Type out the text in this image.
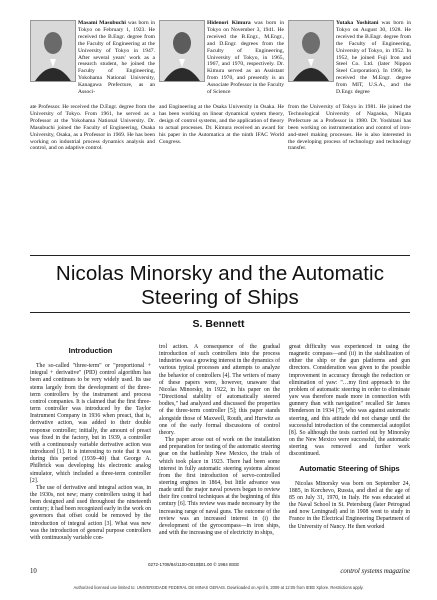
Masami Masubuchi was born in Tokyo on February 1, 1923. He received the B.Engr. degree from the Faculty of Engineering at the University of Tokyo in 1947. After several years' work as a research student, he joined the Faculty of Engineering, Yokohama National University, Kanagawa Prefecture, as an Associ-

ate Professor. He received the D.Engr. degree from the University of Tokyo. From 1961, he served as a Professor at the Yokohama National University. Dr. Masubuchi joined the Faculty of Engineering, Osaka University, Osaka, as a Professor in 1969. He has been working on industrial process dynamics analysis and control, and on adaptive control.

Hidenori Kimura was born in Tokyo on November 3, 1941. He received the B.Engr., M.Engr., and D.Engr. degrees from the Faculty of Engineering, University of Tokyo, in 1965, 1967, and 1970, respectively. Dr. Kimura served as an Assistant from 1970, and presently is an Associate Professor in the Faculty of Science

and Engineering at the Osaka University in Osaka. He has been working on linear dynamical system theory, design of control systems, and the application of theory to actual processes. Dr. Kimura received an award for his paper in the Automatica at the ninth IFAC World Congress.

Yutaka Yoshitani was born in Tokyo on August 30, 1928. He received the B.Engr. degree from the Faculty of Engineering, University of Tokyo, in 1952. In 1952, he joined Fuji Iron and Steel Co. Ltd. (later Nippon Steel Corporation). In 1960, he received the M.Engr. degree from MIT, U.S.A., and the D.Engr. degree

from the University of Tokyo in 1981. He joined the Technological University of Nagaoka, Niigata Prefecture as a Professor in 1980. Dr. Yoshitani has been working on instrumentation and control of iron-and-steel making processes. He is also interested in the developing process of technology and technology transfer.

Nicolas Minorsky and the Automatic Steering of Ships
S. Bennett
Introduction

The so-called "three-term" or "proportional + integral + derivative" (PID) control algorithm has been and continues to be very widely used. Its use stems largely from the development of the three-term controllers by the instrument and process control companies. It is claimed that the first three-term controller was introduced by the Taylor Instrument Company in 1936 when preact, that is, derivative action, was added to their double response controller; initially, the amount of preact was fixed in the factory, but in 1939, a controller with a continuously variable derivative action was introduced [1]. It is interesting to note that it was during this period (1939–40) that George A. Philbrick was developing his electronic analog simulator, which included a three-term controller [2].

The use of derivative and integral action was, in the 1930s, not new; many controllers using it had been designed and used throughout the nineteenth century; it had been recognized early in the work on governors that offset could be removed by the introduction of integral action [3]. What was new was the introduction of general purpose controllers with continuously variable con-

trol action. A consequence of the gradual introduction of such controllers into the process industries was a growing interest in the dynamics of various typical processes and attempts to analyze the behavior of controllers [4]. The writers of many of these papers were, however, unaware that Nicolas Minorsky, in 1922, in his paper on the "Directional stability of automatically steered bodies," had analyzed and discussed the properties of the three-term controller [5]; this paper stands alongside those of Maxwell, Routh, and Hurwitz as one of the early formal discussions of control theory.

The paper arose out of work on the installation and preparation for testing of the automatic steering gear on the battleship New Mexico, the trials of which took place in 1923. There had been some interest in fully automatic steering systems almost from the first introduction of servo-controlled steering engines in 1864, but little advance was made until the major naval powers began to review their fire control techniques at the beginning of this century [6]. This review was made necessary by the increasing range of naval guns. The outcome of the review was an increased interest in (i) the development of the gyrocompass—in iron ships, and with the increasing use of electricity in ships,

great difficulty was experienced in using the magnetic compass—and (ii) in the stabilization of either the ship or the gun platforms and gun directors. Consideration was given to the possible improvement in accuracy through the reduction or elimination of yaw: "…my first approach to the problem of automatic steering in order to eliminate yaw was therefore made more in connection with gunnery than with navigation" recalled Sir James Henderson in 1934 [7], who was against automatic steering, and this attitude did not change until the successful introduction of the commercial autopilot [8]. So although the tests carried out by Minorsky on the New Mexico were successful, the automatic steering was removed and further work discontinued.

Automatic Steering of Ships

Nicolas Minorsky was born on September 24, 1885, in Korchevo, Russia, and died at the age of 85 on July 31, 1970, in Italy. He was educated at the Naval School in St. Petersburg (later Petrograd and now Leningrad) and in 1908 went to study in France in the Electrical Engineering Department of the University of Nancy. He then worked

10
0272-1708/84/1100-0010$01.00 © 1984 IEEE
control systems magazine
Authorized licensed use limited to: UNIVERSIDADE FEDERAL DE MINAS GERAIS. Downloaded on April 6, 2009 at 12:05 from IEEE Xplore. Restrictions apply.
